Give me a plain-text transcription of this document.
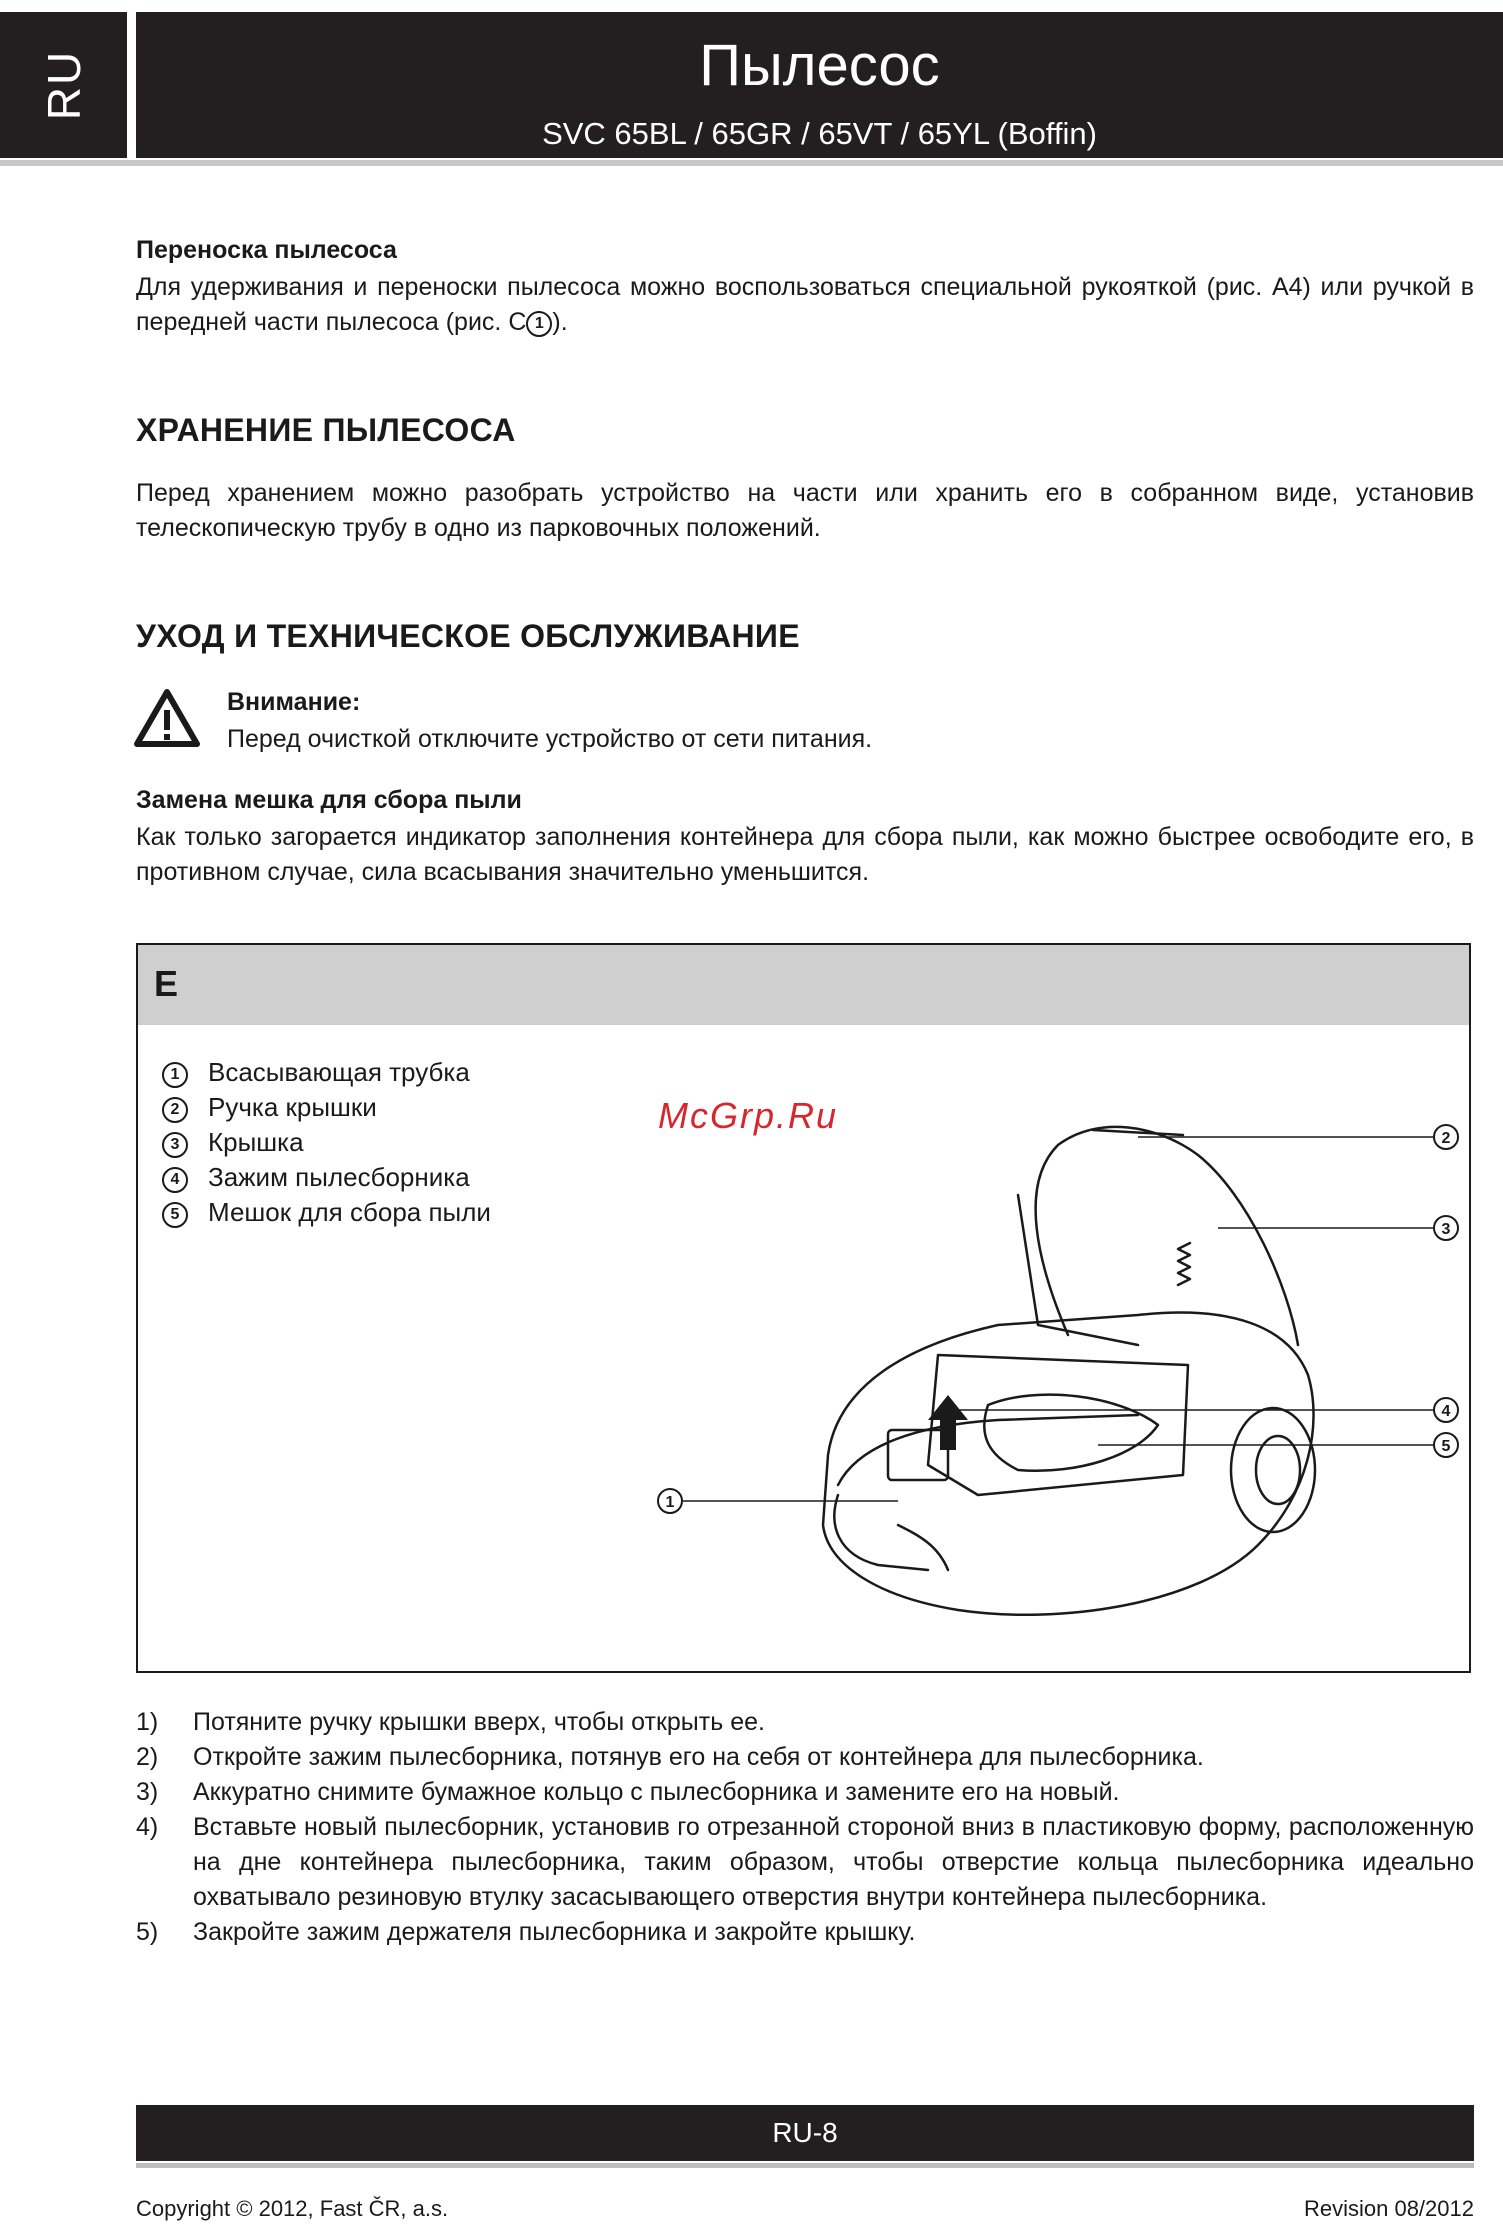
RU	Пылесос
SVC 65BL / 65GR / 65VT / 65YL (Boffin)
Переноска пылесоса
Для удерживания и переноски пылесоса можно воспользоваться специальной рукояткой (рис. A4) или ручкой в передней части пылесоса (рис. C 1 ).
ХРАНЕНИЕ ПЫЛЕСОСА
Перед хранением можно разобрать устройство на части или хранить его в собранном виде, установив телескопическую трубу в одно из парковочных положений.
УХОД И ТЕХНИЧЕСКОЕ ОБСЛУЖИВАНИЕ
Внимание:
Перед очисткой отключите устройство от сети питания.
Замена мешка для сбора пыли
Как только загорается индикатор заполнения контейнера для сбора пыли, как можно быстрее освободите его, в противном случае, сила всасывания значительно уменьшится.
E
1 Всасывающая трубка
2 Ручка крышки
3 Крышка
4 Зажим пылесборника
5 Мешок для сбора пыли
McGrp.Ru
2
3
4
5
1
1) Потяните ручку крышки вверх, чтобы открыть ее.
2) Откройте зажим пылесборника, потянув его на себя от контейнера для пылесборника.
3) Аккуратно снимите бумажное кольцо с пылесборника и замените его на новый.
4) Вставьте новый пылесборник, установив го отрезанной стороной вниз в пластиковую форму, расположенную на дне контейнера пылесборника, таким образом, чтобы отверстие кольца пылесборника идеально охватывало резиновую втулку засасывающего отверстия внутри контейнера пылесборника.
5) Закройте зажим держателя пылесборника и закройте крышку.
RU-8
Copyright © 2012, Fast ČR, a.s.	Revision 08/2012
